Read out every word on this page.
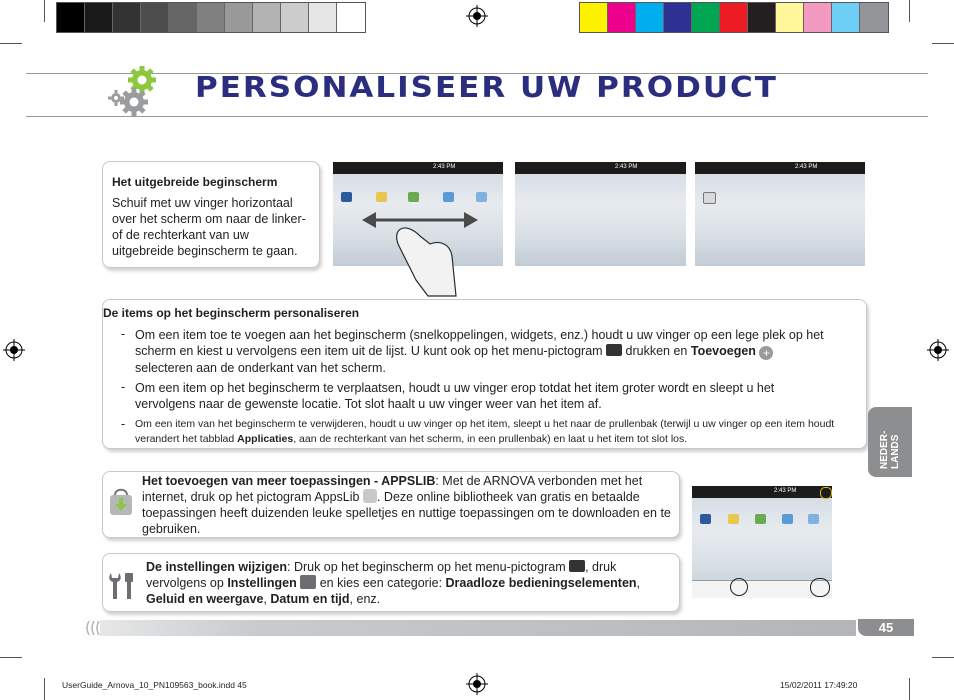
PERSONALISEER UW PRODUCT
Het uitgebreide beginscherm
Schuif met uw vinger horizontaal over het scherm om naar de linker- of de rechterkant van uw uitgebreide beginscherm te gaan.
2:43 PM	2:43 PM	2:43 PM
De items op het beginscherm personaliseren
- Om een item toe te voegen aan het beginscherm (snelkoppelingen, widgets, enz.) houdt u uw vinger op een lege plek op het scherm en kiest u vervolgens een item uit de lijst. U kunt ook op het menu-pictogram  drukken en Toevoegen +
selecteren aan de onderkant van het scherm.
- Om een item op het beginscherm te verplaatsen, houdt u uw vinger erop totdat het item groter wordt en sleept u het vervolgens naar de gewenste locatie. Tot slot haalt u uw vinger weer van het item af.
- Om een item van het beginscherm te verwijderen, houdt u uw vinger op het item, sleept u het naar de prullenbak (terwijl u uw vinger op een item houdt verandert het tabblad Applicaties, aan de rechterkant van het scherm, in een prullenbak) en laat u het item tot slot los.	NEDER-
LANDS
Het toevoegen van meer toepassingen - APPSLIB: Met de ARNOVA verbonden met het internet, druk op het pictogram AppsLib . Deze online bibliotheek van gratis en betaalde toepassingen heeft duizenden leuke spelletjes en nuttige toepassingen om te downloaden en te gebruiken.
De instellingen wijzigen: Druk op het beginscherm op het menu-pictogram , druk vervolgens op Instellingen  en kies een categorie: Draadloze bedieningselementen, Geluid en weergave, Datum en tijd, enz.
2:43 PM
45
UserGuide_Arnova_10_PN109563_book.indd 45	15/02/2011 17:49:20
